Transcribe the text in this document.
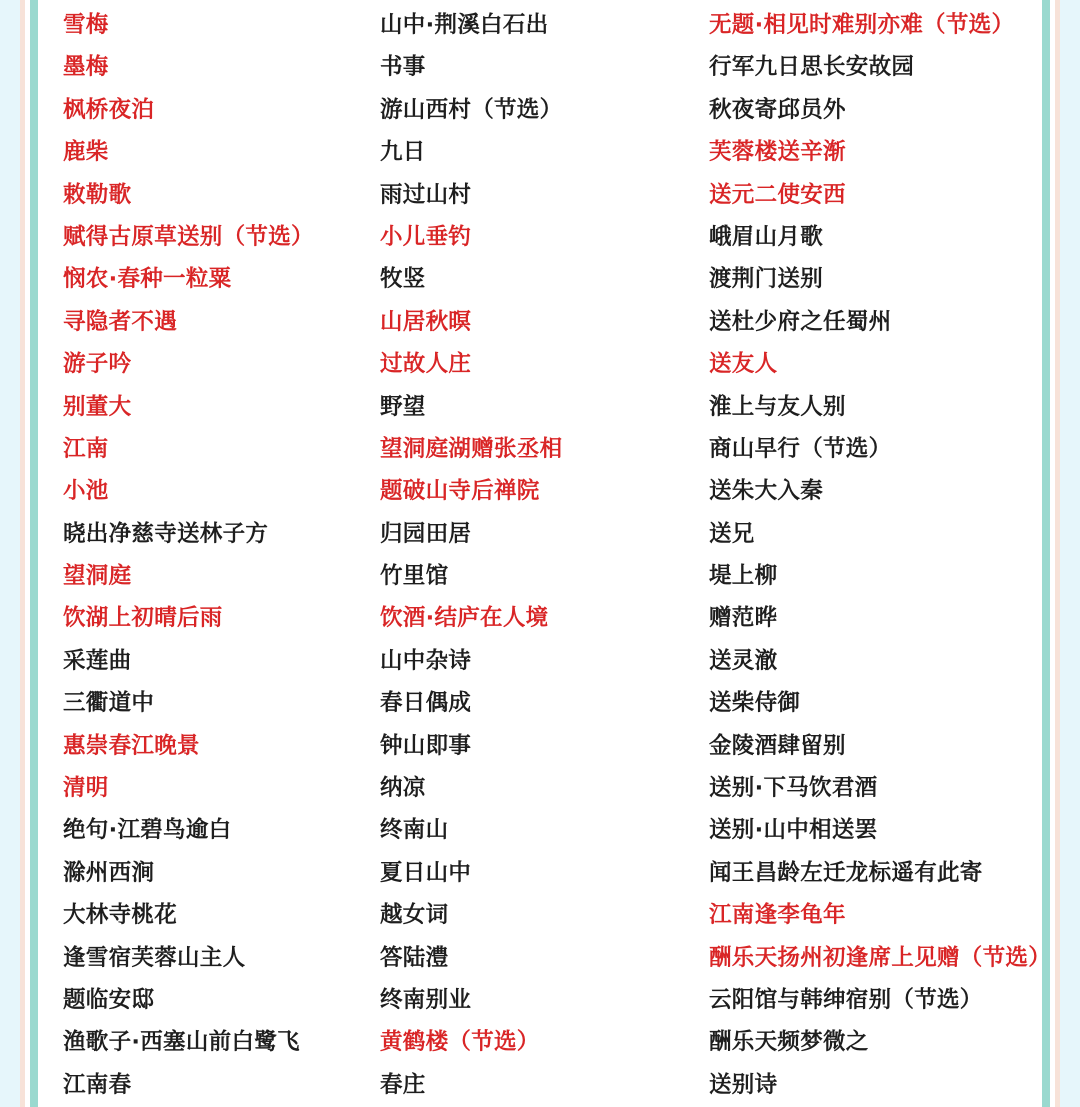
雪梅
墨梅
枫桥夜泊
鹿柴
敕勒歌
赋得古原草送别（节选）
悯农·春种一粒粟
寻隐者不遇
游子吟
别董大
江南
小池
晓出净慈寺送林子方
望洞庭
饮湖上初晴后雨
采莲曲
三衢道中
惠崇春江晚景
清明
绝句·江碧鸟逾白
滁州西涧
大林寺桃花
逢雪宿芙蓉山主人
题临安邸
渔歌子·西塞山前白鹭飞
江南春
山中·荆溪白石出
书事
游山西村（节选）
九日
雨过山村
小儿垂钓
牧竖
山居秋暝
过故人庄
野望
望洞庭湖赠张丞相
题破山寺后禅院
归园田居
竹里馆
饮酒·结庐在人境
山中杂诗
春日偶成
钟山即事
纳凉
终南山
夏日山中
越女词
答陆澧
终南别业
黄鹤楼（节选）
春庄
无题·相见时难别亦难（节选）
行军九日思长安故园
秋夜寄邱员外
芙蓉楼送辛渐
送元二使安西
峨眉山月歌
渡荆门送别
送杜少府之任蜀州
送友人
淮上与友人别
商山早行（节选）
送朱大入秦
送兄
堤上柳
赠范晔
送灵澈
送柴侍御
金陵酒肆留别
送别·下马饮君酒
送别·山中相送罢
闻王昌龄左迁龙标遥有此寄
江南逢李龟年
酬乐天扬州初逢席上见赠（节选）
云阳馆与韩绅宿别（节选）
酬乐天频梦微之
送别诗
